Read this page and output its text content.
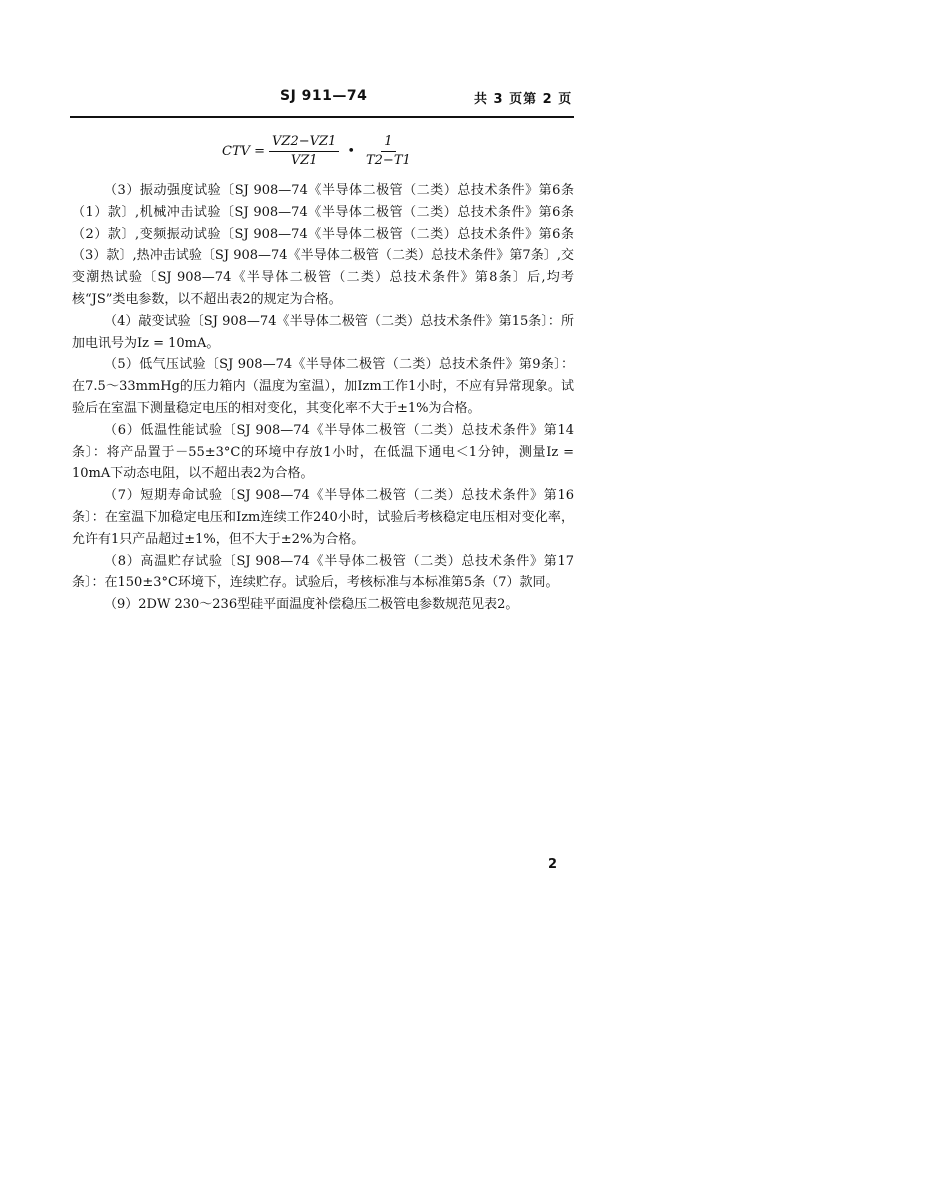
SJ 911—74	共 3 页第 2 页
CTV = $\frac{VZ2-VZ1}{VZ1}$ • $\frac{1}{T2-T1}$

（3）振动强度试验〔SJ 908—74《半导体二极管（二类）总技术条件》第6条（1）款〕,机械冲击试验〔SJ 908—74《半导体二极管（二类）总技术条件》第6条（2）款〕,变频振动试验〔SJ 908—74《半导体二极管（二类）总技术条件》第6条（3）款〕,热冲击试验〔SJ 908—74《半导体二极管（二类）总技术条件》第7条〕,交变潮热试验〔SJ 908—74《半导体二极管（二类）总技术条件》第8条〕后,均考核“JS”类电参数，以不超出表2的规定为合格。

（4）敲变试验〔SJ 908—74《半导体二极管（二类）总技术条件》第15条〕：所加电讯号为Iz = 10mA。

（5）低气压试验〔SJ 908—74《半导体二极管（二类）总技术条件》第9条〕：在7.5～33mmHg的压力箱内（温度为室温），加Izm工作1小时，不应有异常现象。试验后在室温下测量稳定电压的相对变化，其变化率不大于±1%为合格。

（6）低温性能试验〔SJ 908—74《半导体二极管（二类）总技术条件》第14条〕：将产品置于－55±3°C的环境中存放1小时，在低温下通电＜1分钟，测量Iz = 10mA下动态电阻，以不超出表2为合格。

（7）短期寿命试验〔SJ 908—74《半导体二极管（二类）总技术条件》第16条〕：在室温下加稳定电压和Izm连续工作240小时，试验后考核稳定电压相对变化率，允许有1只产品超过±1%，但不大于±2%为合格。

（8）高温贮存试验〔SJ 908—74《半导体二极管（二类）总技术条件》第17条〕：在150±3°C环境下，连续贮存。试验后，考核标准与本标准第5条（7）款同。

（9）2DW 230～236型硅平面温度补偿稳压二极管电参数规范见表2。

2
